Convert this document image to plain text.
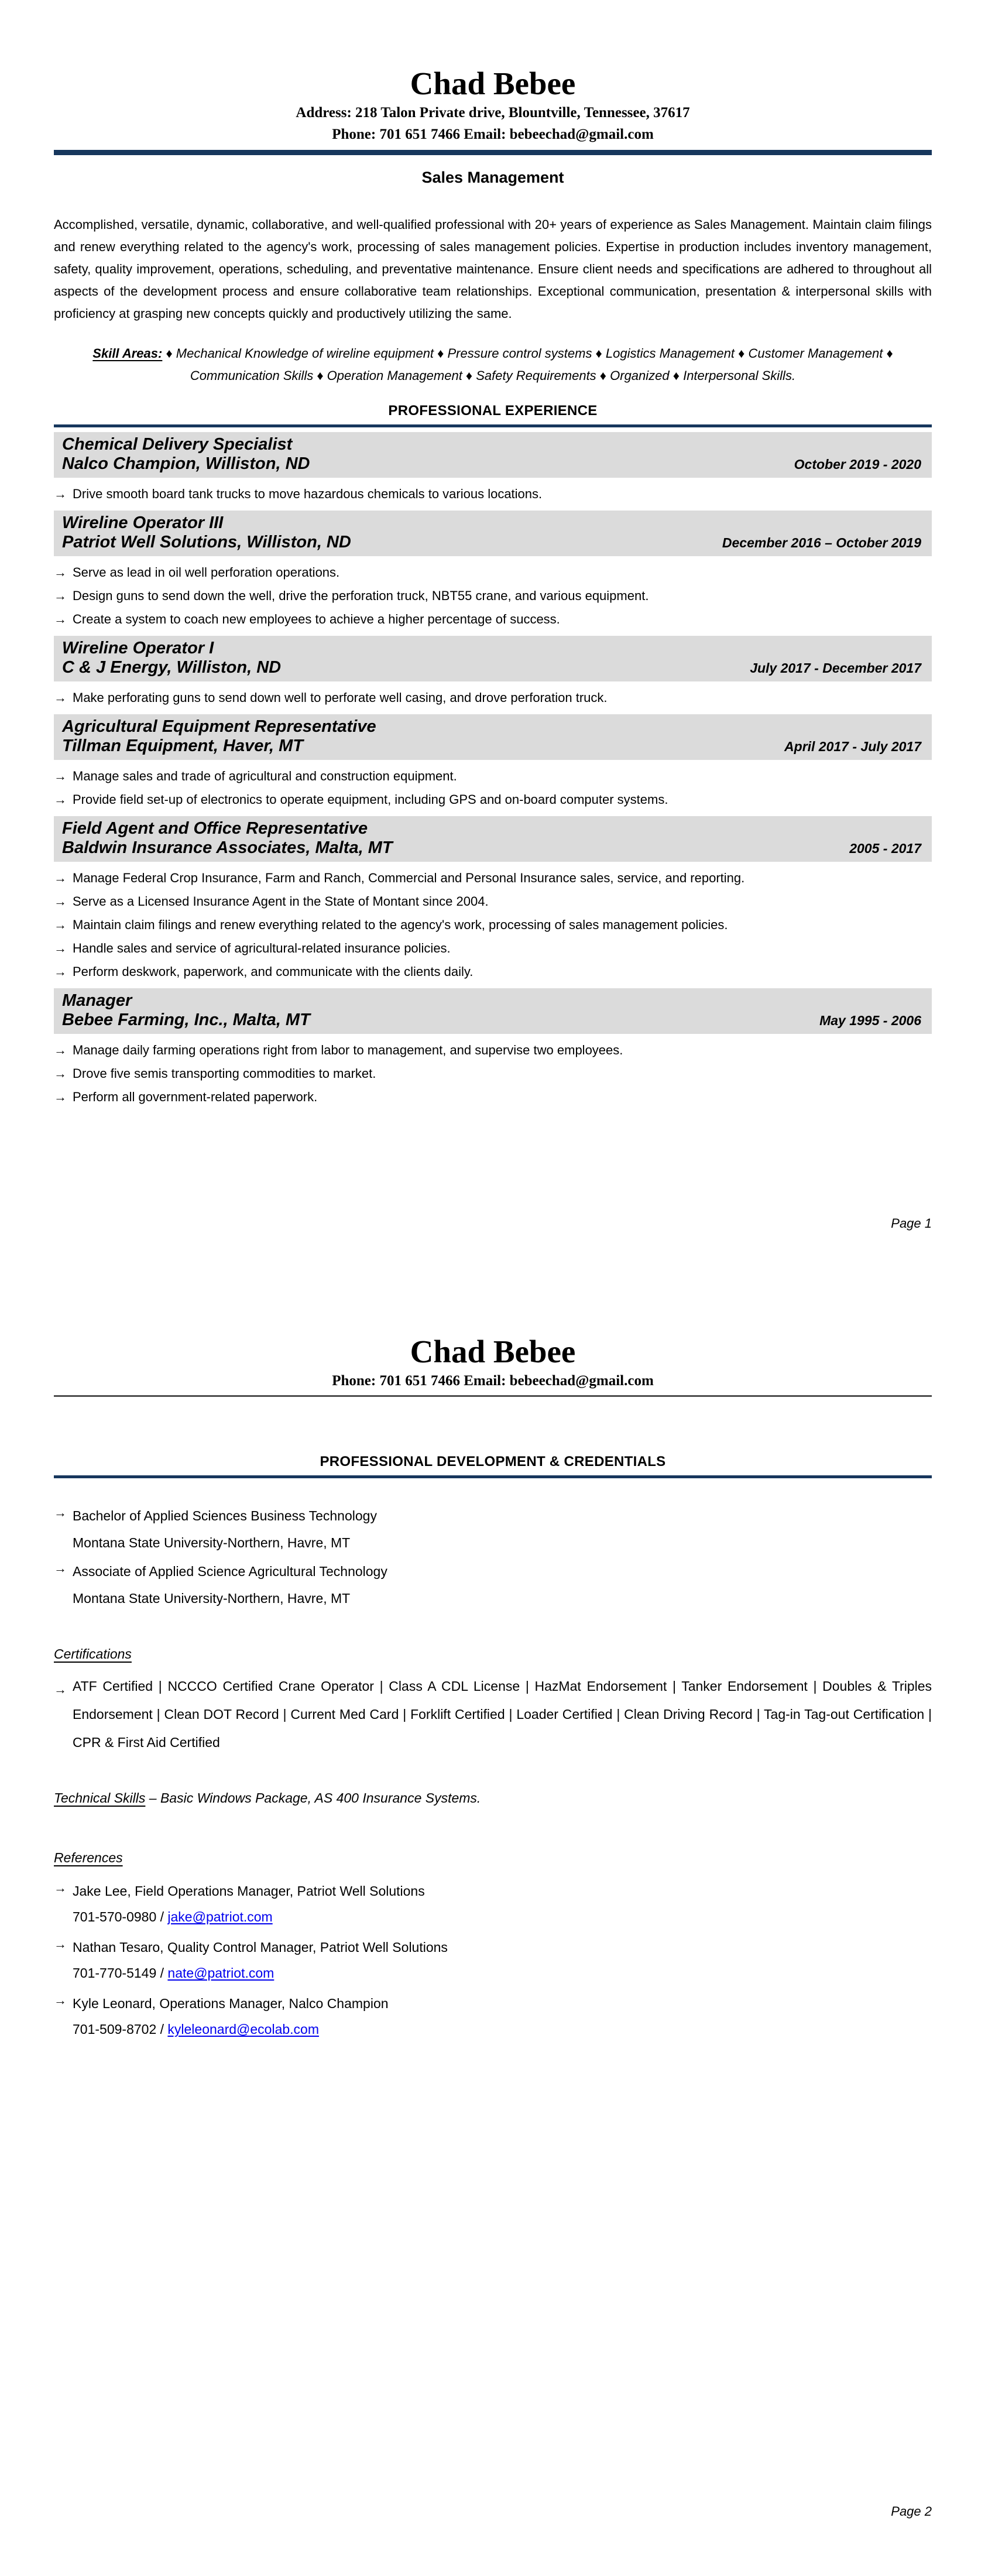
Chad Bebee
Address: 218 Talon Private drive, Blountville, Tennessee, 37617
Phone: 701 651 7466 Email: bebeechad@gmail.com
Sales Management

Accomplished, versatile, dynamic, collaborative, and well-qualified professional with 20+ years of experience as Sales Management. Maintain claim filings and renew everything related to the agency's work, processing of sales management policies. Expertise in production includes inventory management, safety, quality improvement, operations, scheduling, and preventative maintenance. Ensure client needs and specifications are adhered to throughout all aspects of the development process and ensure collaborative team relationships. Exceptional communication, presentation & interpersonal skills with proficiency at grasping new concepts quickly and productively utilizing the same.

Skill Areas: ♦ Mechanical Knowledge of wireline equipment ♦ Pressure control systems ♦ Logistics Management ♦ Customer Management ♦ Communication Skills ♦ Operation Management ♦ Safety Requirements ♦ Organized ♦ Interpersonal Skills.
PROFESSIONAL EXPERIENCE
Chemical Delivery Specialist
Nalco Champion, Williston, ND	October 2019 - 2020
→ Drive smooth board tank trucks to move hazardous chemicals to various locations.
Wireline Operator III
Patriot Well Solutions, Williston, ND	December 2016 – October 2019
→ Serve as lead in oil well perforation operations.
→ Design guns to send down the well, drive the perforation truck, NBT55 crane, and various equipment.
→ Create a system to coach new employees to achieve a higher percentage of success.
Wireline Operator I
C & J Energy, Williston, ND	July 2017 - December 2017
→ Make perforating guns to send down well to perforate well casing, and drove perforation truck.
Agricultural Equipment Representative
Tillman Equipment, Haver, MT	April 2017 - July 2017
→ Manage sales and trade of agricultural and construction equipment.
→ Provide field set-up of electronics to operate equipment, including GPS and on-board computer systems.
Field Agent and Office Representative
Baldwin Insurance Associates, Malta, MT	2005 - 2017
→ Manage Federal Crop Insurance, Farm and Ranch, Commercial and Personal Insurance sales, service, and reporting.
→ Serve as a Licensed Insurance Agent in the State of Montant since 2004.
→ Maintain claim filings and renew everything related to the agency's work, processing of sales management policies.
→ Handle sales and service of agricultural-related insurance policies.
→ Perform deskwork, paperwork, and communicate with the clients daily.
Manager
Bebee Farming, Inc., Malta, MT	May 1995 - 2006
→ Manage daily farming operations right from labor to management, and supervise two employees.
→ Drove five semis transporting commodities to market.
→ Perform all government-related paperwork.
Page 1
Chad Bebee
Phone: 701 651 7466 Email: bebeechad@gmail.com
PROFESSIONAL DEVELOPMENT & CREDENTIALS
→ Bachelor of Applied Sciences Business Technology
Montana State University-Northern, Havre, MT
→ Associate of Applied Science Agricultural Technology
Montana State University-Northern, Havre, MT
Certifications
→ ATF Certified | NCCCO Certified Crane Operator | Class A CDL License | HazMat Endorsement | Tanker Endorsement | Doubles & Triples Endorsement | Clean DOT Record | Current Med Card | Forklift Certified | Loader Certified | Clean Driving Record | Tag-in Tag-out Certification | CPR & First Aid Certified
Technical Skills – Basic Windows Package, AS 400 Insurance Systems.
References
→ Jake Lee, Field Operations Manager, Patriot Well Solutions
701-570-0980 / jake@patriot.com
→ Nathan Tesaro, Quality Control Manager, Patriot Well Solutions
701-770-5149 / nate@patriot.com
→ Kyle Leonard, Operations Manager, Nalco Champion
701-509-8702 / kyleleonard@ecolab.com
Page 2
